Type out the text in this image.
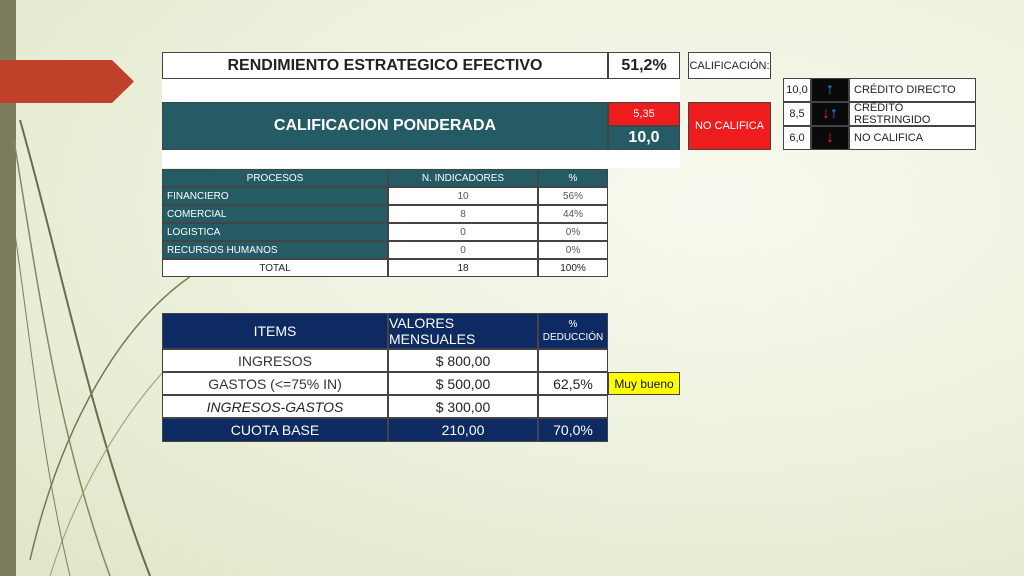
RENDIMIENTO ESTRATEGICO EFECTIVO	51,2%	CALIFICACIÓN:
CALIFICACION PONDERADA
5,35
10,0
NO CALIFICA
10,0 ↑	CRÉDITO DIRECTO
8,5	↓ ↑	CRÉDITO RESTRINGIDO
6,0	↓	NO CALIFICA
PROCESOS	N. INDICADORES	%
FINANCIERO	10	56%
COMERCIAL	8	44%
LOGISTICA	0	0%
RECURSOS HUMANOS	0	0%
TOTAL	18	100%
ITEMS	VALORES MENSUALES
%
DEDUCCIÓN
INGRESOS	$ 800,00
GASTOS (<=75% IN)	$ 500,00	62,5%	Muy bueno
INGRESOS-GASTOS	$ 300,00
CUOTA BASE	210,00	70,0%
